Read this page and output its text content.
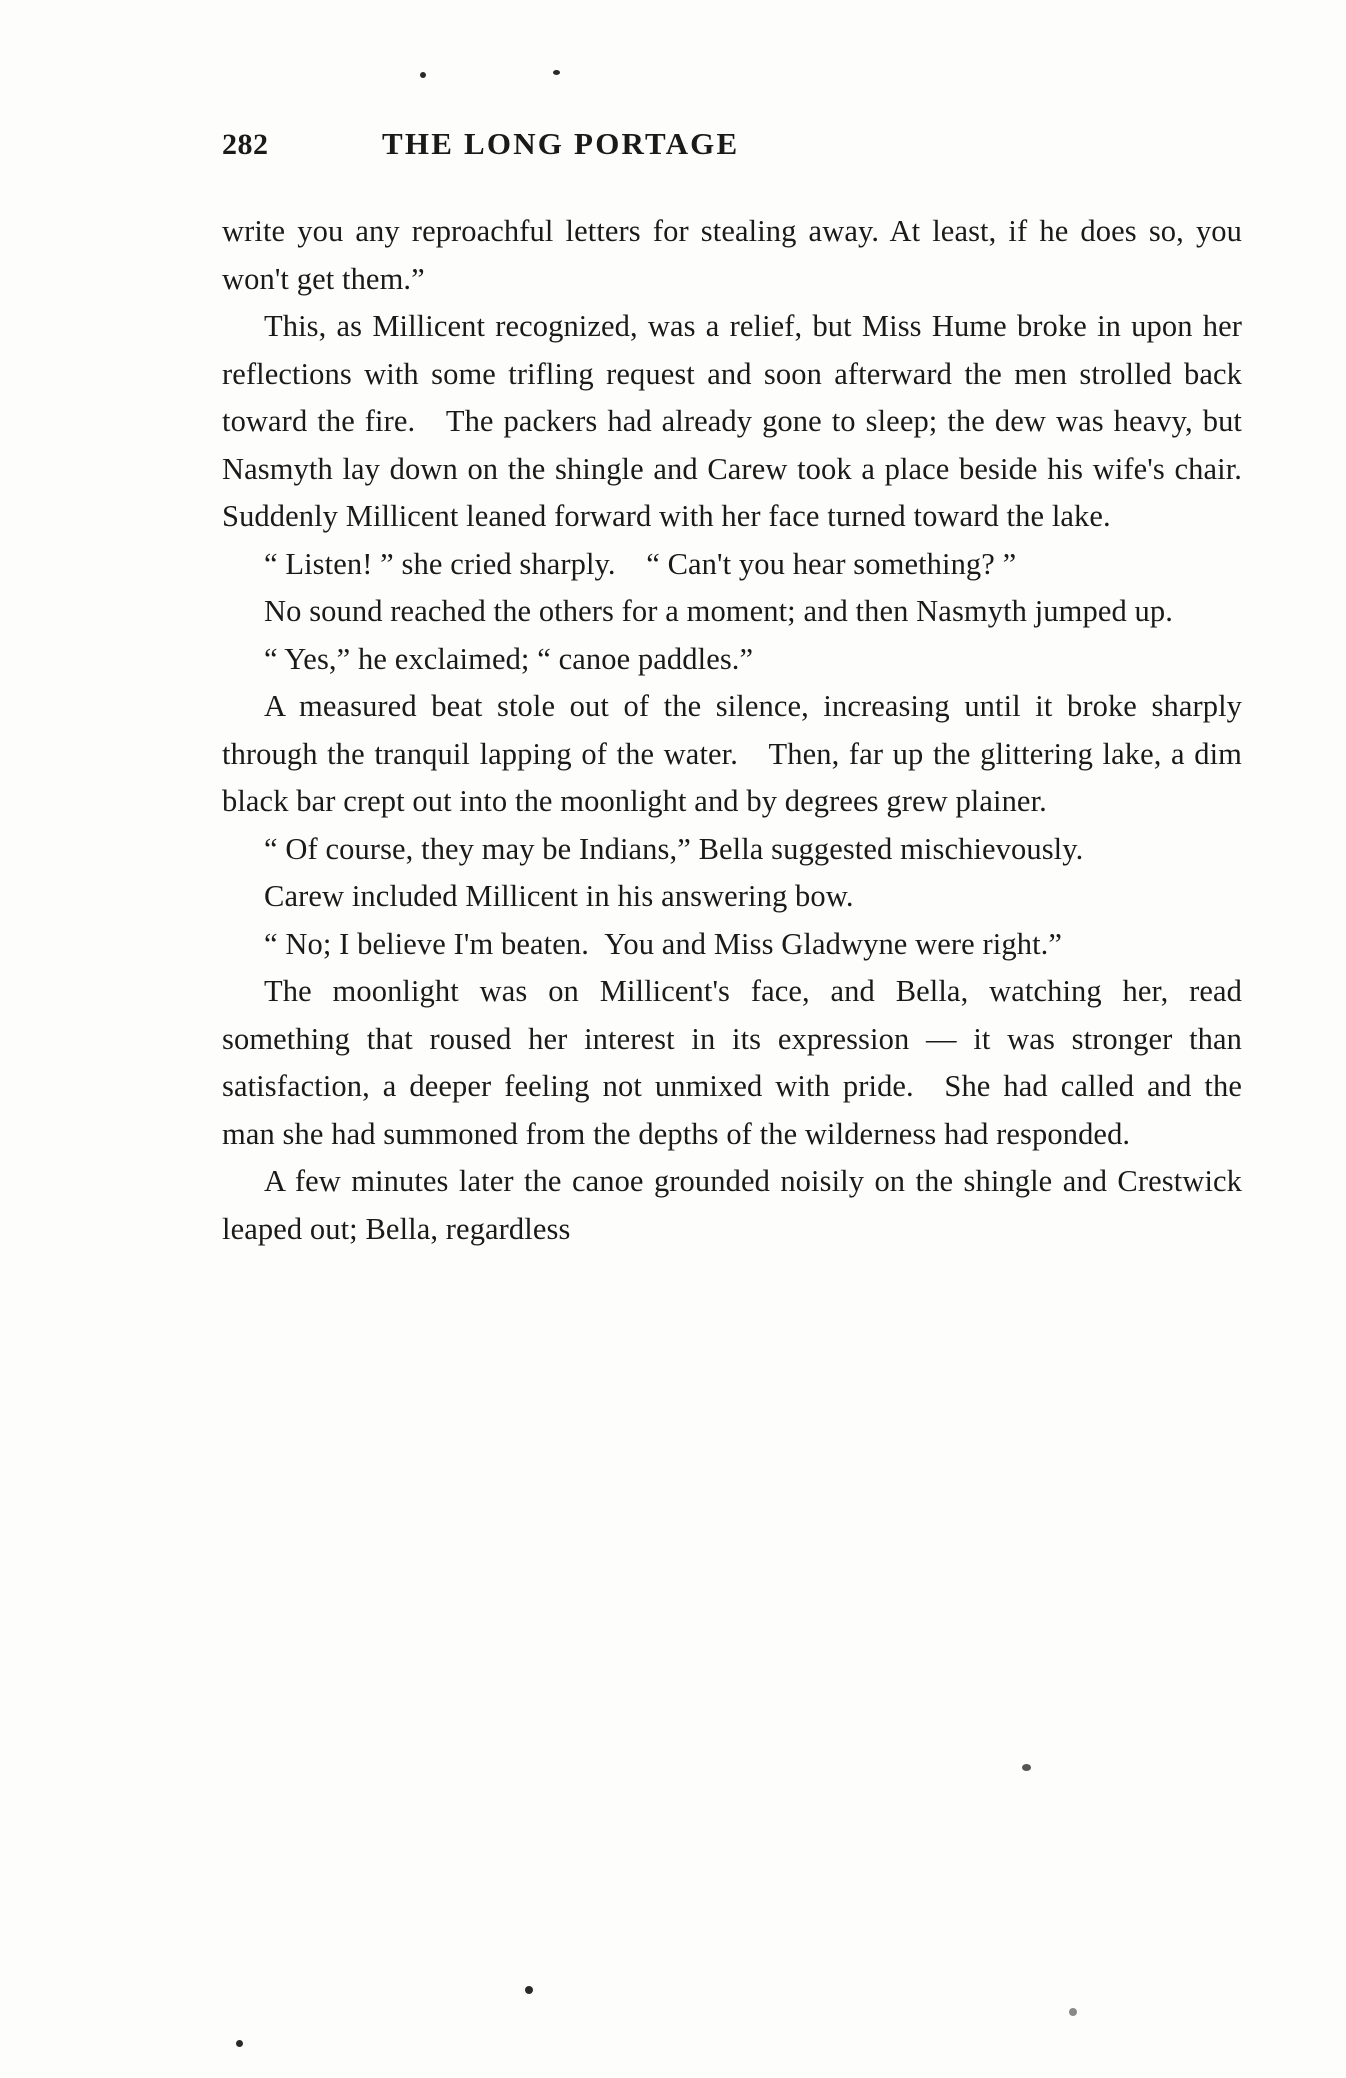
282	THE LONG PORTAGE

write you any reproachful letters for stealing away. At least, if he does so, you won't get them.”

This, as Millicent recognized, was a relief, but Miss Hume broke in upon her reflections with some trifling request and soon afterward the men strolled back toward the fire. The packers had already gone to sleep; the dew was heavy, but Nasmyth lay down on the shingle and Carew took a place beside his wife's chair. Suddenly Millicent leaned forward with her face turned toward the lake.

“ Listen! ” she cried sharply. “ Can't you hear something? ”

No sound reached the others for a moment; and then Nasmyth jumped up.

“ Yes,” he exclaimed; “ canoe paddles.”

A measured beat stole out of the silence, increasing until it broke sharply through the tranquil lapping of the water. Then, far up the glittering lake, a dim black bar crept out into the moonlight and by degrees grew plainer.

“ Of course, they may be Indians,” Bella suggested mischievously.

Carew included Millicent in his answering bow.

“ No; I believe I'm beaten. You and Miss Gladwyne were right.”

The moonlight was on Millicent's face, and Bella, watching her, read something that roused her interest in its expression — it was stronger than satisfaction, a deeper feeling not unmixed with pride. She had called and the man she had summoned from the depths of the wilderness had responded.

A few minutes later the canoe grounded noisily on the shingle and Crestwick leaped out; Bella, regardless
